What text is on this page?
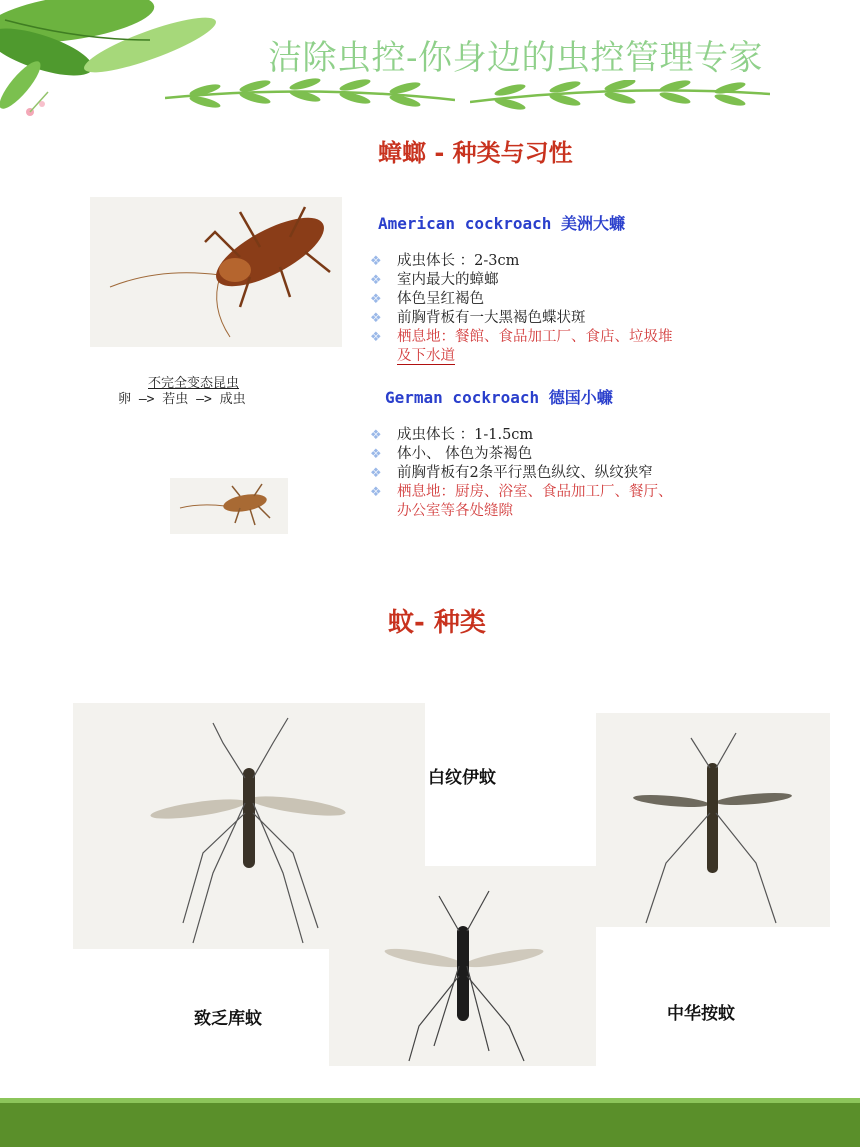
洁除虫控-你身边的虫控管理专家
蟑螂 - 种类与习性
不完全变态昆虫
卵 —> 若虫 —> 成虫
American cockroach 美洲大蠊
❖ 成虫体长 ：2-3cm
❖ 室内最大的蟑螂
❖ 体色呈红褐色
❖ 前胸背板有一大黑褐色蝶状斑
❖ 栖息地：餐館、食品加工厂、食店、垃圾堆
及下水道
German cockroach 德国小蠊
❖ 成虫体长 ：1-1.5cm
❖ 体小、 体色为茶褐色
❖ 前胸背板有2条平行黑色纵纹、纵纹狭窄
❖ 栖息地：厨房、浴室、食品加工厂、餐厅、
办公室等各处缝隙
蚊- 种类
白纹伊蚊
致乏库蚊	中华按蚊
